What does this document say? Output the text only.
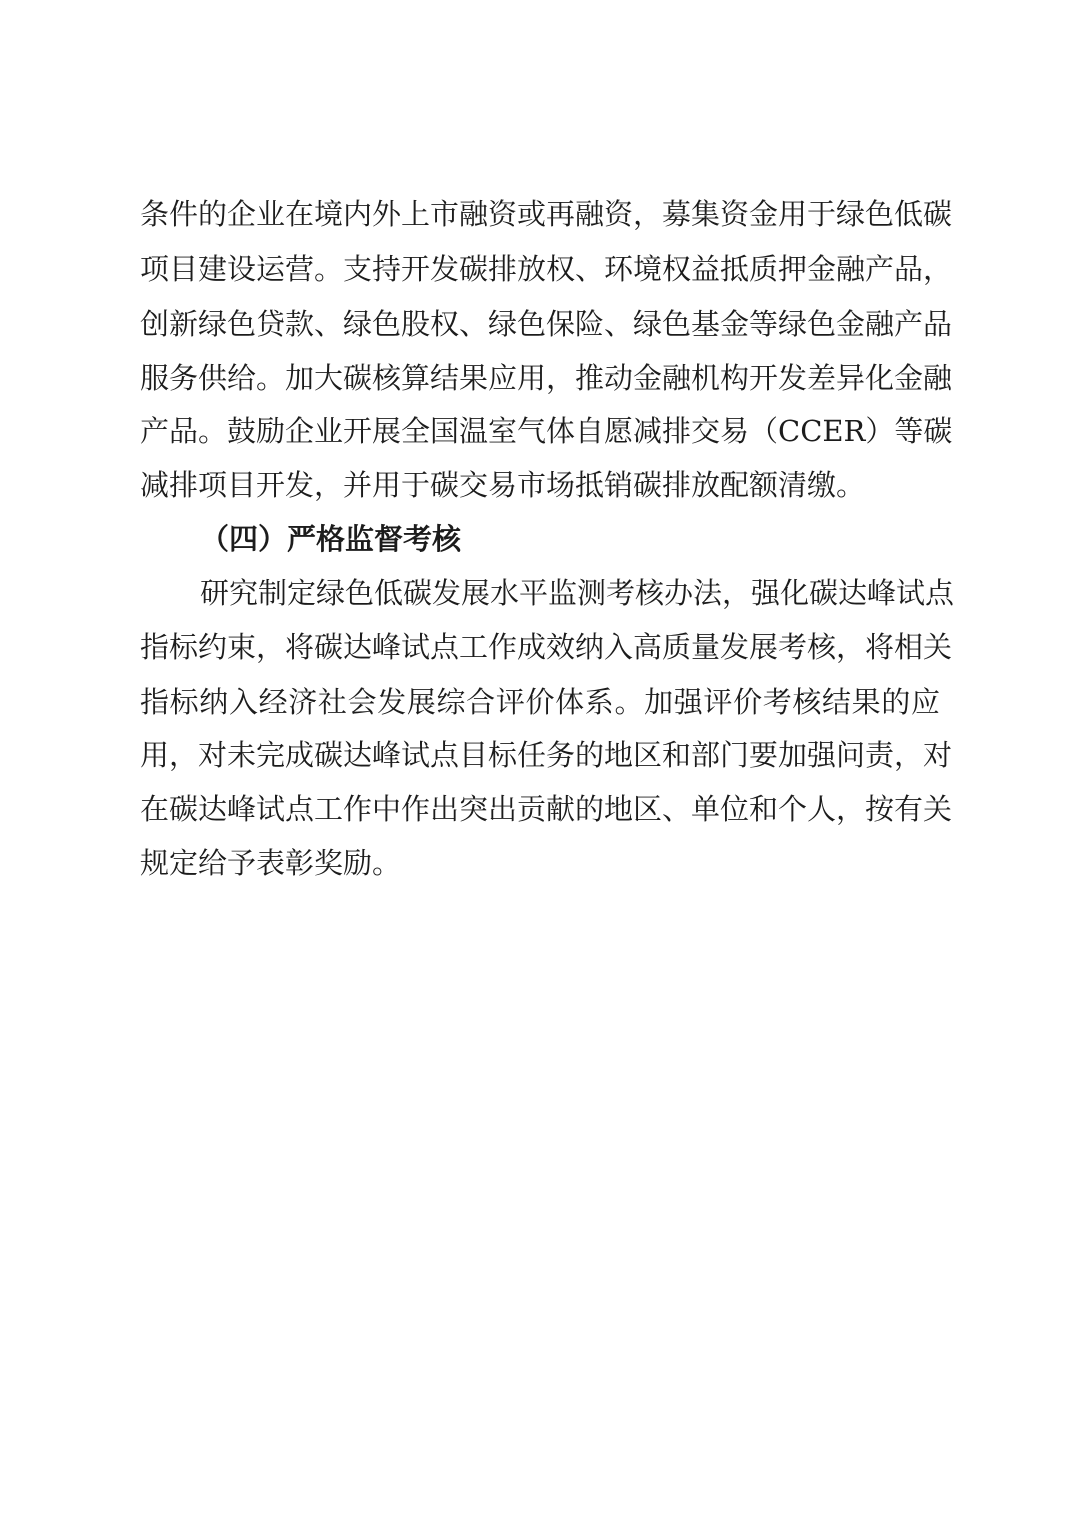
条件的企业在境内外上市融资或再融资，募集资金用于绿色低碳
项目建设运营。支持开发碳排放权、环境权益抵质押金融产品，
创新绿色贷款、绿色股权、绿色保险、绿色基金等绿色金融产品
服务供给。加大碳核算结果应用，推动金融机构开发差异化金融
产品。鼓励企业开展全国温室气体自愿减排交易（CCER）等碳
减排项目开发，并用于碳交易市场抵销碳排放配额清缴。
（四）严格监督考核
研究制定绿色低碳发展水平监测考核办法，强化碳达峰试点
指标约束，将碳达峰试点工作成效纳入高质量发展考核，将相关
指标纳入经济社会发展综合评价体系。加强评价考核结果的应
用，对未完成碳达峰试点目标任务的地区和部门要加强问责，对
在碳达峰试点工作中作出突出贡献的地区、单位和个人，按有关
规定给予表彰奖励。
